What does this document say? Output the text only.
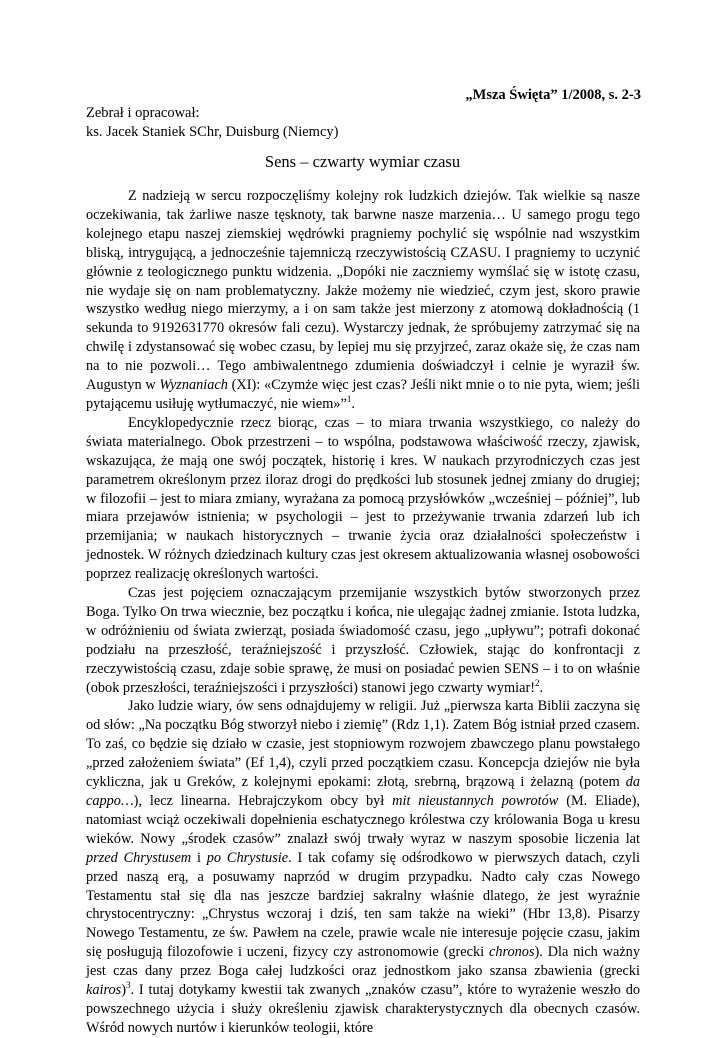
„Msza Święta” 1/2008, s. 2-3
Zebrał i opracował:
ks. Jacek Staniek SChr, Duisburg (Niemcy)
Sens – czwarty wymiar czasu

Z nadzieją w sercu rozpoczęliśmy kolejny rok ludzkich dziejów. Tak wielkie są nasze oczekiwania, tak żarliwe nasze tęsknoty, tak barwne nasze marzenia… U samego progu tego kolejnego etapu naszej ziemskiej wędrówki pragniemy pochylić się wspólnie nad wszystkim bliską, intrygującą, a jednocześnie tajemniczą rzeczywistością CZASU. I pragniemy to uczynić głównie z teologicznego punktu widzenia. „Dopóki nie zaczniemy wymślać się w istotę czasu, nie wydaje się on nam problematyczny. Jakże możemy nie wiedzieć, czym jest, skoro prawie wszystko według niego mierzymy, a i on sam także jest mierzony z atomową dokładnością (1 sekunda to 9192631770 okresów fali cezu). Wystarczy jednak, że spróbujemy zatrzymać się na chwilę i zdystansować się wobec czasu, by lepiej mu się przyjrzeć, zaraz okaże się, że czas nam na to nie pozwoli… Tego ambiwalentnego zdumienia doświadczył i celnie je wyraził św. Augustyn w Wyznaniach (XI): «Czymże więc jest czas? Jeśli nikt mnie o to nie pyta, wiem; jeśli pytającemu usiłuję wytłumaczyć, nie wiem»”$^1$.

Encyklopedycznie rzecz biorąc, czas – to miara trwania wszystkiego, co należy do świata materialnego. Obok przestrzeni – to wspólna, podstawowa właściwość rzeczy, zjawisk, wskazująca, że mają one swój początek, historię i kres. W naukach przyrodniczych czas jest parametrem określonym przez iloraz drogi do prędkości lub stosunek jednej zmiany do drugiej; w filozofii – jest to miara zmiany, wyrażana za pomocą przysłówków „wcześniej – później”, lub miara przejawów istnienia; w psychologii – jest to przeżywanie trwania zdarzeń lub ich przemijania; w naukach historycznych – trwanie życia oraz działalności społeczeństw i jednostek. W różnych dziedzinach kultury czas jest okresem aktualizowania własnej osobowości poprzez realizację określonych wartości.

Czas jest pojęciem oznaczającym przemijanie wszystkich bytów stworzonych przez Boga. Tylko On trwa wiecznie, bez początku i końca, nie ulegając żadnej zmianie. Istota ludzka, w odróżnieniu od świata zwierząt, posiada świadomość czasu, jego „upływu”; potrafi dokonać podziału na przeszłość, teraźniejszość i przyszłość. Człowiek, stając do konfrontacji z rzeczywistością czasu, zdaje sobie sprawę, że musi on posiadać pewien SENS – i to on właśnie (obok przeszłości, teraźniejszości i przyszłości) stanowi jego czwarty wymiar!$^2$.

Jako ludzie wiary, ów sens odnajdujemy w religii. Już „pierwsza karta Biblii zaczyna się od słów: „Na początku Bóg stworzył niebo i ziemię” (Rdz 1,1). Zatem Bóg istniał przed czasem. To zaś, co będzie się działo w czasie, jest stopniowym rozwojem zbawczego planu powstałego „przed założeniem świata” (Ef 1,4), czyli przed początkiem czasu. Koncepcja dziejów nie była cykliczna, jak u Greków, z kolejnymi epokami: złotą, srebrną, brązową i żelazną (potem da cappo…), lecz linearna. Hebrajczykom obcy był mit nieustannych powrotów (M. Eliade), natomiast wciąż oczekiwali dopełnienia eschatycznego królestwa czy królowania Boga u kresu wieków. Nowy „środek czasów” znalazł swój trwały wyraz w naszym sposobie liczenia lat przed Chrystusem i po Chrystusie. I tak cofamy się odśrodkowo w pierwszych datach, czyli przed naszą erą, a posuwamy naprzód w drugim przypadku. Nadto cały czas Nowego Testamentu stał się dla nas jeszcze bardziej sakralny właśnie dlatego, że jest wyraźnie chrystocentryczny: „Chrystus wczoraj i dziś, ten sam także na wieki” (Hbr 13,8). Pisarzy Nowego Testamentu, ze św. Pawłem na czele, prawie wcale nie interesuje pojęcie czasu, jakim się posługują filozofowie i uczeni, fizycy czy astronomowie (grecki chronos). Dla nich ważny jest czas dany przez Boga całej ludzkości oraz jednostkom jako szansa zbawienia (grecki kairos)$^3$. I tutaj dotykamy kwestii tak zwanych „znaków czasu”, które to wyrażenie weszło do powszechnego użycia i służy określeniu zjawisk charakterystycznych dla obecnych czasów. Wśród nowych nurtów i kierunków teologii, które
